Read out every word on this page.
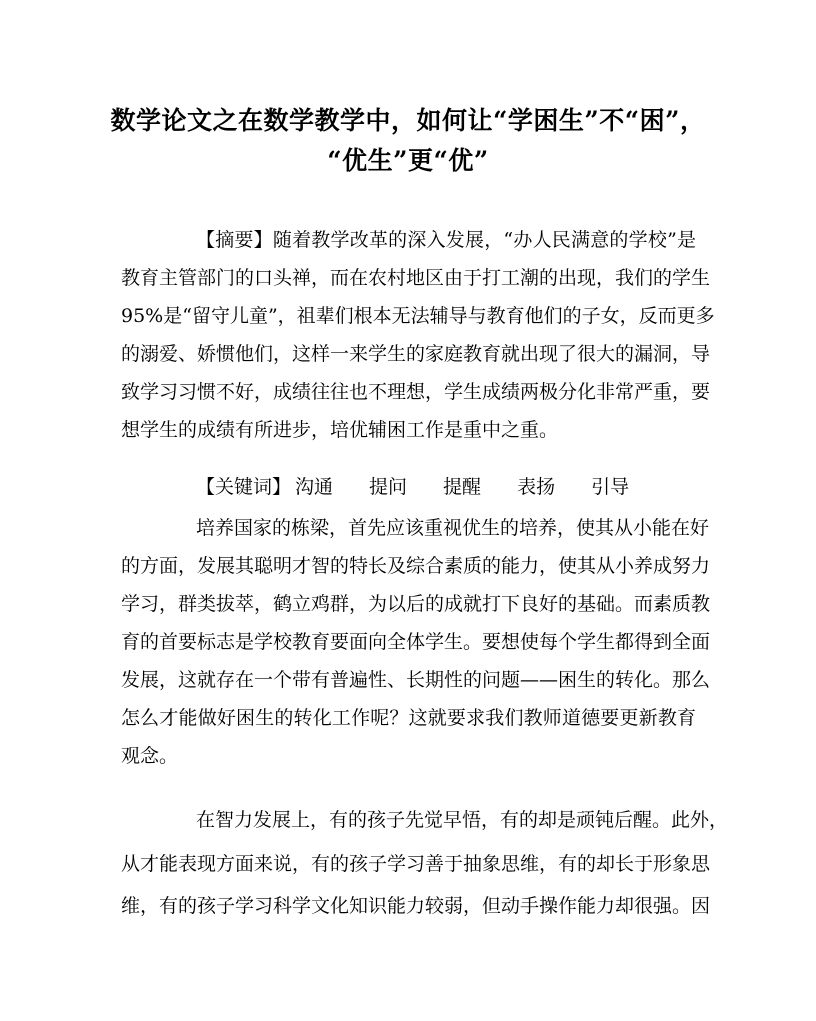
数学论文之在数学教学中，如何让“学困生”不“困”，
“优生”更“优”
【摘要】随着教学改革的深入发展，“办人民满意的学校”是
教育主管部门的口头禅，而在农村地区由于打工潮的出现，我们的学生
95%是“留守儿童”，祖辈们根本无法辅导与教育他们的子女，反而更多
的溺爱、娇惯他们，这样一来学生的家庭教育就出现了很大的漏洞，导
致学习习惯不好，成绩往往也不理想，学生成绩两极分化非常严重，要
想学生的成绩有所进步，培优辅困工作是重中之重。
【关键词】 沟通 提问 提醒 表扬 引导
培养国家的栋梁，首先应该重视优生的培养，使其从小能在好
的方面，发展其聪明才智的特长及综合素质的能力，使其从小养成努力
学习，群类拔萃，鹤立鸡群，为以后的成就打下良好的基础。而素质教
育的首要标志是学校教育要面向全体学生。要想使每个学生都得到全面
发展，这就存在一个带有普遍性、长期性的问题——困生的转化。那么
怎么才能做好困生的转化工作呢？这就要求我们教师道德要更新教育
观念。
在智力发展上，有的孩子先觉早悟，有的却是顽钝后醒。此外，
从才能表现方面来说，有的孩子学习善于抽象思维，有的却长于形象思
维，有的孩子学习科学文化知识能力较弱，但动手操作能力却很强。因
